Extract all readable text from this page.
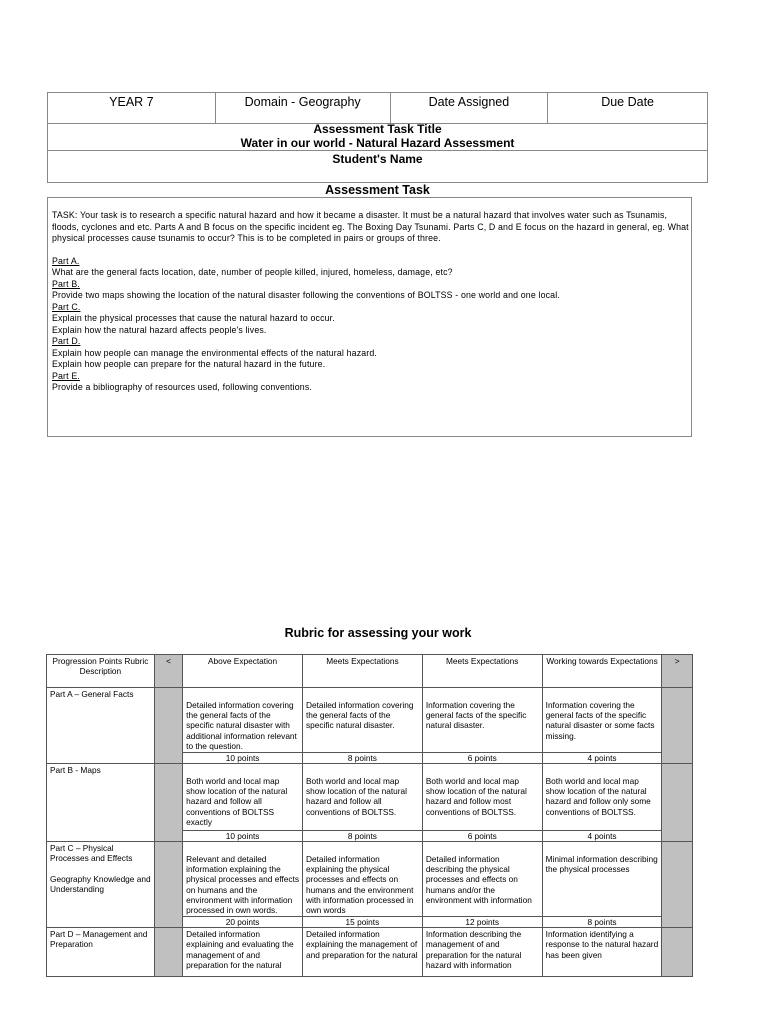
YEAR 7	Domain - Geography	Date Assigned	Due Date
Assessment Task Title
Water in our world - Natural Hazard Assessment
Student's Name
Assessment Task

TASK: Your task is to research a specific natural hazard and how it became a disaster. It must be a natural hazard that involves water such as Tsunamis, floods, cyclones and etc. Parts A and B focus on the specific incident eg. The Boxing Day Tsunami. Parts C, D and E focus on the hazard in general, eg. What physical processes cause tsunamis to occur? This is to be completed in pairs or groups of three.

Part A.

What are the general facts location, date, number of people killed, injured, homeless, damage, etc?

Part B.

Provide two maps showing the location of the natural disaster following the conventions of BOLTSS - one world and one local.

Part C.

Explain the physical processes that cause the natural hazard to occur.

Explain how the natural hazard affects people's lives.

Part D.

Explain how people can manage the environmental effects of the natural hazard.

Explain how people can prepare for the natural hazard in the future.

Part E.

Provide a bibliography of resources used, following conventions.

Rubric for assessing your work
Progression Points Rubric Description	<	Above Expectation	Meets Expectations	Meets Expectations	Working towards Expectations	>
Part A – General Facts		Detailed information covering the general facts of the specific natural disaster with additional information relevant to the question.	Detailed information covering the general facts of the specific natural disaster.	Information covering the general facts of the specific natural disaster.	Information covering the general facts of the specific natural disaster or some facts missing.	
		10 points	8 points	6 points	4 points	
Part B - Maps		Both world and local map show location of the natural hazard and follow all conventions of BOLTSS exactly	Both world and local map show location of the natural hazard and follow all conventions of BOLTSS.	Both world and local map show location of the natural hazard and follow most conventions of BOLTSS.	Both world and local map show location of the natural hazard and follow only some conventions of BOLTSS.	
		10 points	8 points	6 points	4 points	
Part C – Physical Processes and Effects

Geography Knowledge and Understanding		Relevant and detailed information explaining the physical processes and effects on humans and the environment with information processed in own words.	Detailed information explaining the physical processes and effects on humans and the environment with information processed in own words	Detailed information describing the physical processes and effects on humans and/or the environment with information	Minimal information describing the physical processes	
		20 points	15 points	12 points	8 points	
Part D – Management and Preparation		Detailed information explaining and evaluating the management of and preparation for the natural	Detailed information explaining the management of and preparation for the natural	Information describing the management of and preparation for the natural hazard with information	Information identifying a response to the natural hazard has been given	
